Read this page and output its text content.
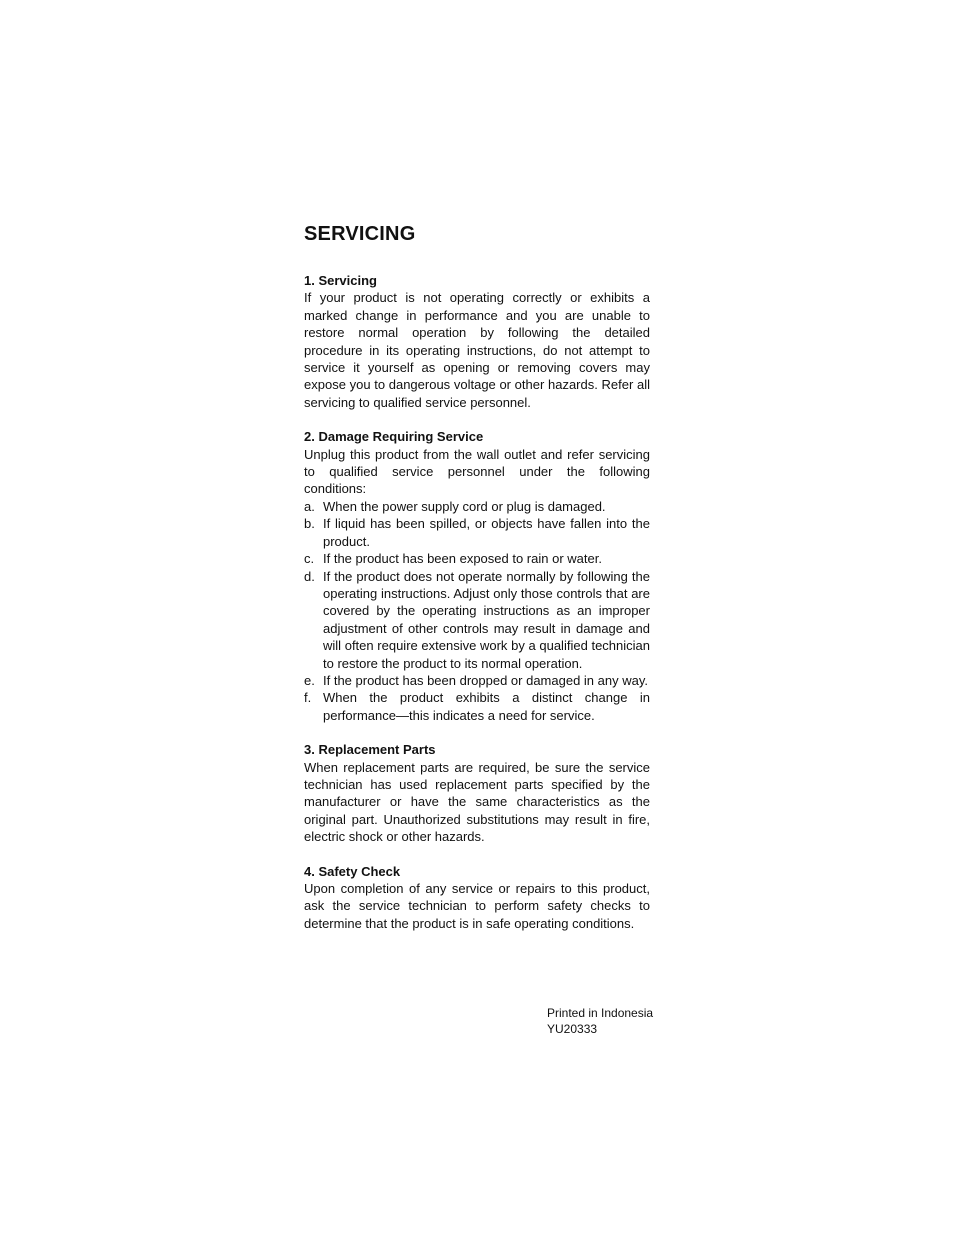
SERVICING
1. Servicing
If your product is not operating correctly or exhibits a marked change in performance and you are unable to restore normal operation by following the detailed procedure in its operating instructions, do not attempt to service it yourself as opening or removing covers may expose you to dangerous voltage or other hazards. Refer all servicing to qualified service personnel.
2. Damage Requiring Service
Unplug this product from the wall outlet and refer servicing to qualified service personnel under the following conditions:
a. When the power supply cord or plug is damaged.
b. If liquid has been spilled, or objects have fallen into the product.
c. If the product has been exposed to rain or water.
d. If the product does not operate normally by following the operating instructions. Adjust only those controls that are covered by the operating instructions as an improper adjustment of other controls may result in damage and will often require extensive work by a qualified technician to restore the product to its normal operation.
e. If the product has been dropped or damaged in any way.
f. When the product exhibits a distinct change in performance—this indicates a need for service.
3. Replacement Parts
When replacement parts are required, be sure the service technician has used replacement parts specified by the manufacturer or have the same characteristics as the original part. Unauthorized substitutions may result in fire, electric shock or other hazards.
4. Safety Check
Upon completion of any service or repairs to this product, ask the service technician to perform safety checks to determine that the product is in safe operating conditions.
Printed in Indonesia
YU20333
